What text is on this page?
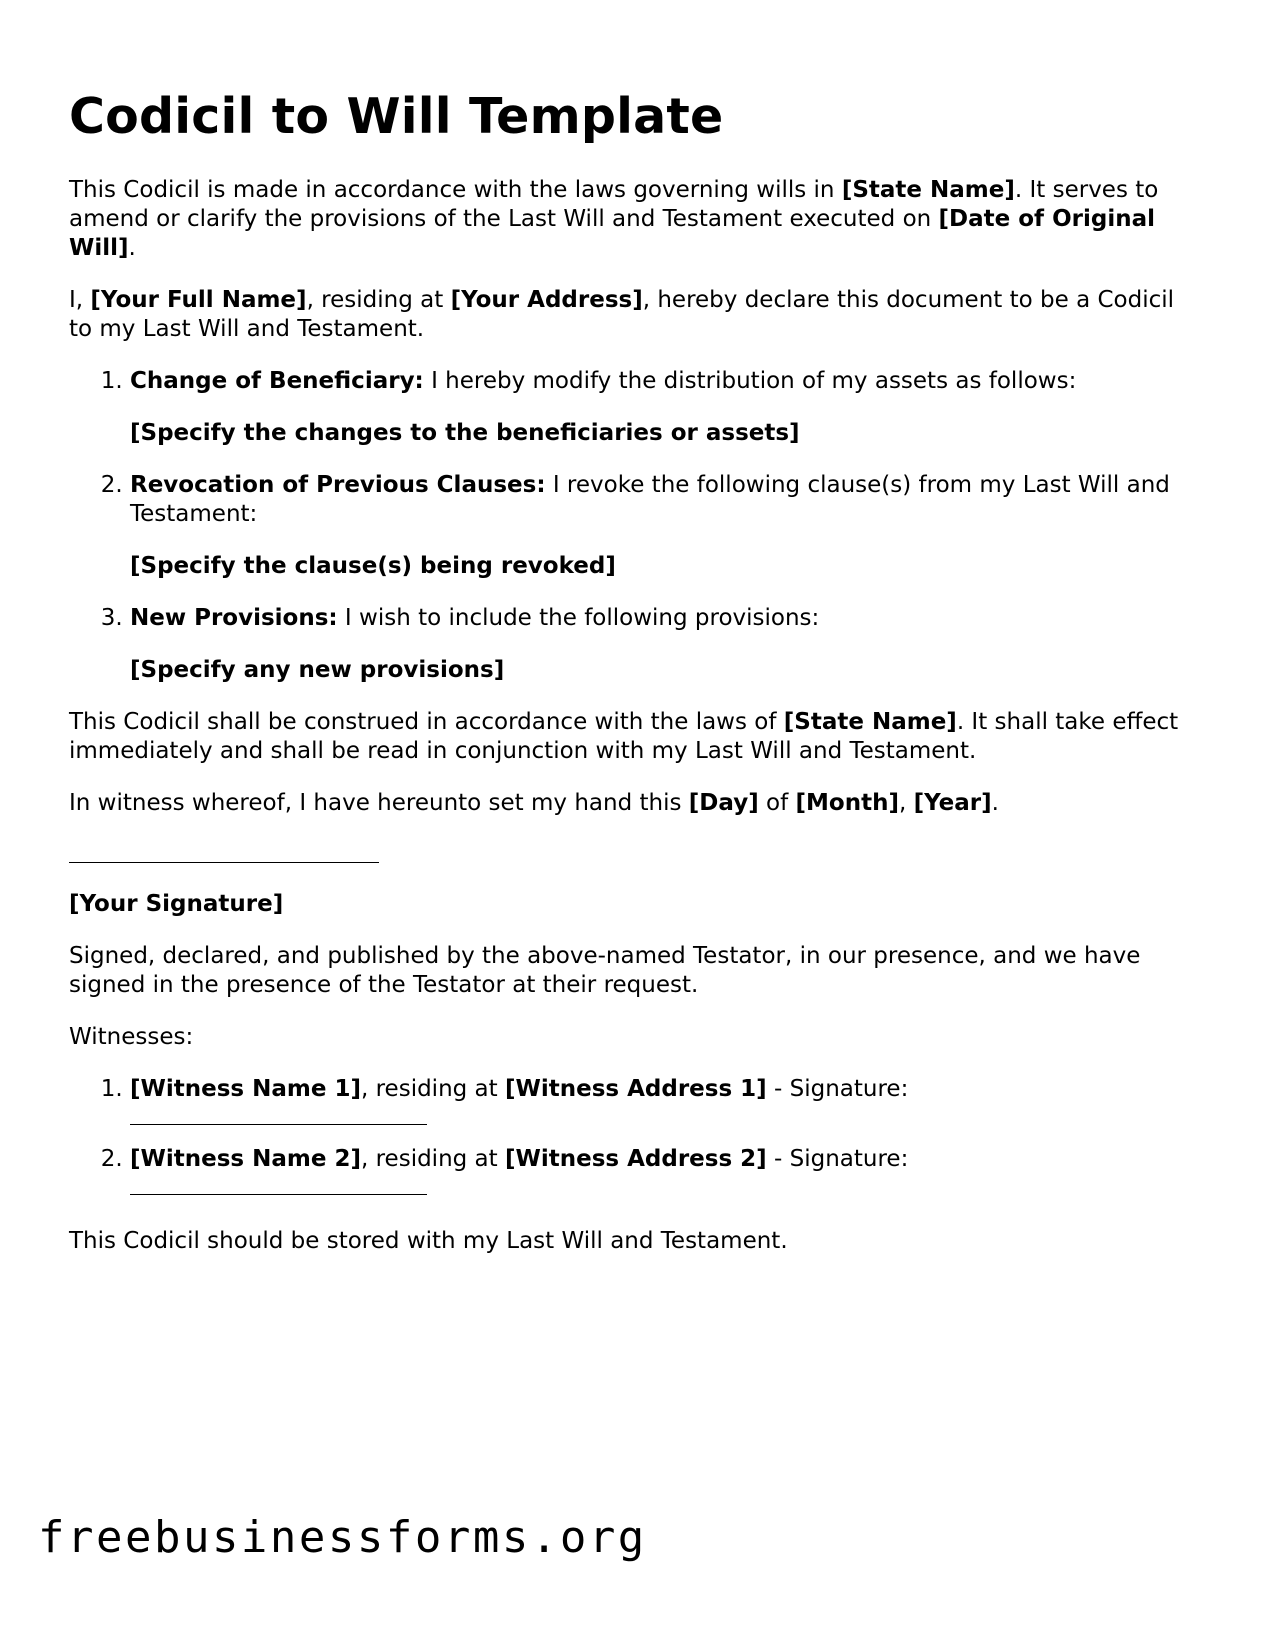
Codicil to Will Template

This Codicil is made in accordance with the laws governing wills in [State Name]. It serves to amend or clarify the provisions of the Last Will and Testament executed on [Date of Original Will].

I, [Your Full Name], residing at [Your Address], hereby declare this document to be a Codicil to my Last Will and Testament.

1. Change of Beneficiary: I hereby modify the distribution of my assets as follows:
[Specify the changes to the beneficiaries or assets]
2. Revocation of Previous Clauses: I revoke the following clause(s) from my Last Will and Testament:
[Specify the clause(s) being revoked]
3. New Provisions: I wish to include the following provisions:
[Specify any new provisions]

This Codicil shall be construed in accordance with the laws of [State Name]. It shall take effect immediately and shall be read in conjunction with my Last Will and Testament.

In witness whereof, I have hereunto set my hand this [Day] of [Month], [Year].

[Your Signature]

Signed, declared, and published by the above-named Testator, in our presence, and we have signed in the presence of the Testator at their request.

Witnesses:

1. [Witness Name 1], residing at [Witness Address 1] - Signature:
2. [Witness Name 2], residing at [Witness Address 2] - Signature:

This Codicil should be stored with my Last Will and Testament.

freebusinessforms.org
